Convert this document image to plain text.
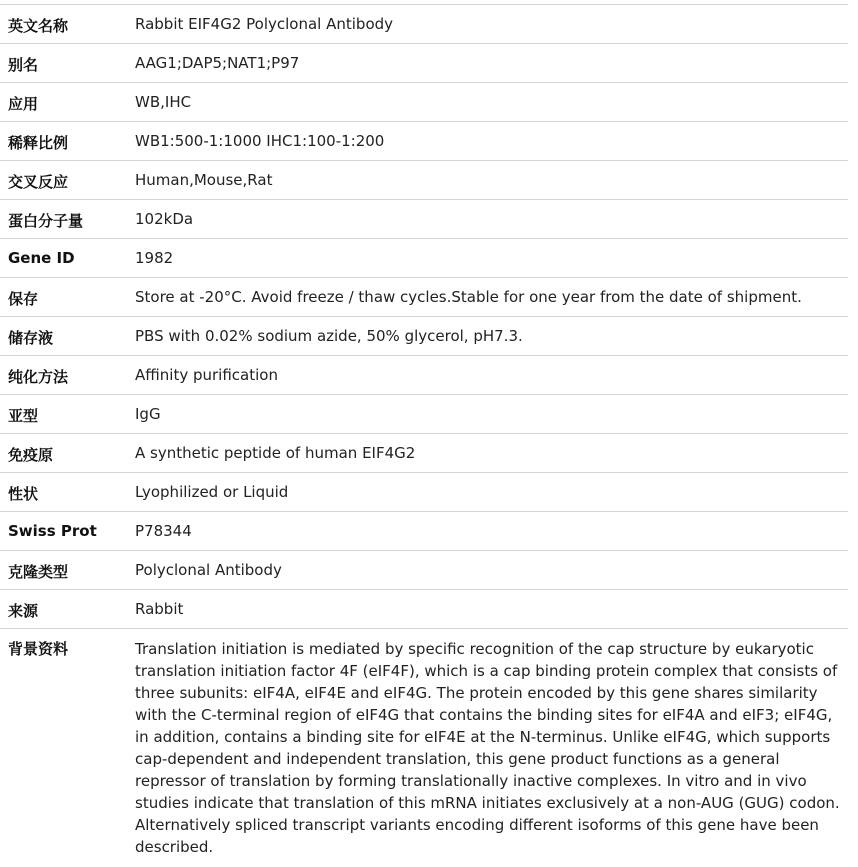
英文名称	Rabbit EIF4G2 Polyclonal Antibody
别名	AAG1;DAP5;NAT1;P97
应用	WB,IHC
稀释比例	WB1:500-1:1000 IHC1:100-1:200
交叉反应	Human,Mouse,Rat
蛋白分子量	102kDa
Gene ID	1982
保存	Store at -20°C. Avoid freeze / thaw cycles.Stable for one year from the date of shipment.
储存液	PBS with 0.02% sodium azide, 50% glycerol, pH7.3.
纯化方法	Affinity purification
亚型	IgG
免疫原	A synthetic peptide of human EIF4G2
性状	Lyophilized or Liquid
Swiss Prot	P78344
克隆类型	Polyclonal Antibody
来源	Rabbit
背景资料	Translation initiation is mediated by specific recognition of the cap structure by eukaryotic translation initiation factor 4F (eIF4F), which is a cap binding protein complex that consists of three subunits: eIF4A, eIF4E and eIF4G. The protein encoded by this gene shares similarity with the C-terminal region of eIF4G that contains the binding sites for eIF4A and eIF3; eIF4G, in addition, contains a binding site for eIF4E at the N-terminus. Unlike eIF4G, which supports cap-dependent and independent translation, this gene product functions as a general repressor of translation by forming translationally inactive complexes. In vitro and in vivo studies indicate that translation of this mRNA initiates exclusively at a non-AUG (GUG) codon. Alternatively spliced transcript variants encoding different isoforms of this gene have been described.
